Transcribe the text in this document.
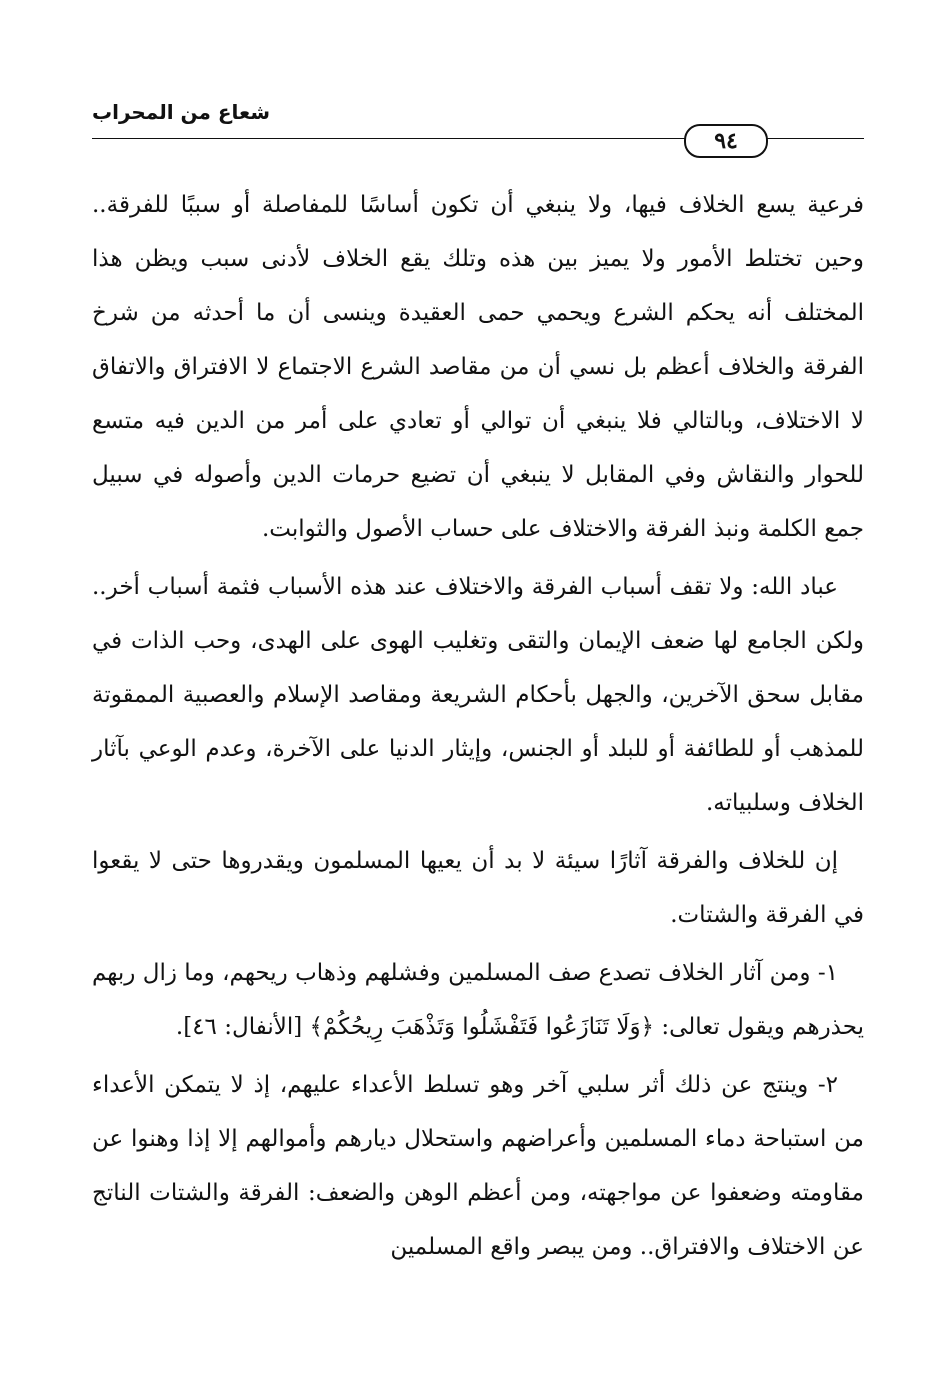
شعاع من المحراب
٩٤

فرعية يسع الخلاف فيها، ولا ينبغي أن تكون أساسًا للمفاصلة أو سببًا للفرقة.. وحين تختلط الأمور ولا يميز بين هذه وتلك يقع الخلاف لأدنى سبب ويظن هذا المختلف أنه يحكم الشرع ويحمي حمى العقيدة وينسى أن ما أحدثه من شرخ الفرقة والخلاف أعظم بل نسي أن من مقاصد الشرع الاجتماع لا الافتراق والاتفاق لا الاختلاف، وبالتالي فلا ينبغي أن توالي أو تعادي على أمر من الدين فيه متسع للحوار والنقاش وفي المقابل لا ينبغي أن تضيع حرمات الدين وأصوله في سبيل جمع الكلمة ونبذ الفرقة والاختلاف على حساب الأصول والثوابت.

عباد الله: ولا تقف أسباب الفرقة والاختلاف عند هذه الأسباب فثمة أسباب أخر.. ولكن الجامع لها ضعف الإيمان والتقى وتغليب الهوى على الهدى، وحب الذات في مقابل سحق الآخرين، والجهل بأحكام الشريعة ومقاصد الإسلام والعصبية الممقوتة للمذهب أو للطائفة أو للبلد أو الجنس، وإيثار الدنيا على الآخرة، وعدم الوعي بآثار الخلاف وسلبياته.

إن للخلاف والفرقة آثارًا سيئة لا بد أن يعيها المسلمون ويقدروها حتى لا يقعوا في الفرقة والشتات.

١- ومن آثار الخلاف تصدع صف المسلمين وفشلهم وذهاب ريحهم، وما زال ربهم يحذرهم ويقول تعالى: ﴿وَلَا تَنَازَعُوا فَتَفْشَلُوا وَتَذْهَبَ رِيحُكُمْ﴾ [الأنفال: ٤٦].

٢- وينتج عن ذلك أثر سلبي آخر وهو تسلط الأعداء عليهم، إذ لا يتمكن الأعداء من استباحة دماء المسلمين وأعراضهم واستحلال ديارهم وأموالهم إلا إذا وهنوا عن مقاومته وضعفوا عن مواجهته، ومن أعظم الوهن والضعف: الفرقة والشتات الناتج عن الاختلاف والافتراق.. ومن يبصر واقع المسلمين
